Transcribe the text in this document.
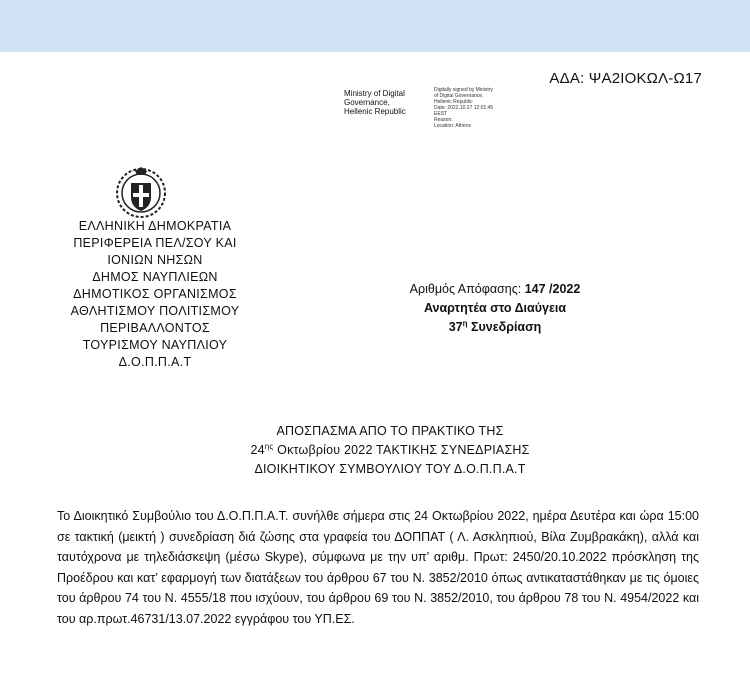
ΑΔΑ: ΨΑ2ΙΟΚΩΛ-Ω17
Ministry of Digital
Governance,
Hellenic Republic
Digitally signed by Ministry
of Digital Governance,
Hellenic Republic
Date: 2022.10.27 12:01:45
EEST
Reason:
Location: Athens
ΕΛΛΗΝΙΚΗ ΔΗΜΟΚΡΑΤΙΑ
ΠΕΡΙΦΕΡΕΙΑ ΠΕΛ/ΣΟΥ ΚΑΙ
ΙΟΝΙΩΝ ΝΗΣΩΝ
ΔΗΜΟΣ ΝΑΥΠΛΙΕΩΝ
ΔΗΜΟΤΙΚΟΣ ΟΡΓΑΝΙΣΜΟΣ
ΑΘΛΗΤΙΣΜΟΥ ΠΟΛΙΤΙΣΜΟΥ
ΠΕΡΙΒΑΛΛΟΝΤΟΣ
ΤΟΥΡΙΣΜΟΥ ΝΑΥΠΛΙΟΥ
Δ.Ο.Π.Π.Α.Τ
Αριθμός Απόφασης: 147 /2022
Αναρτητέα στο Διαύγεια
$37^\eta$ Συνεδρίαση
ΑΠΟΣΠΑΣΜΑ ΑΠΟ ΤΟ ΠΡΑΚΤΙΚΟ ΤΗΣ
$24^{\eta\varsigma}$ Οκτωβρίου 2022 ΤΑΚΤΙΚΗΣ ΣΥΝΕΔΡΙΑΣΗΣ
ΔΙΟΙΚΗΤΙΚΟΥ ΣΥΜΒΟΥΛΙΟΥ ΤΟΥ Δ.Ο.Π.Π.Α.Τ
Το Διοικητικό Συμβούλιο του Δ.Ο.Π.Π.Α.Τ. συνήλθε σήμερα στις 24 Οκτωβρίου 2022, ημέρα Δευτέρα και ώρα 15:00 σε τακτική (μεικτή ) συνεδρίαση διά ζώσης στα γραφεία του ΔΟΠΠΑΤ ( Λ. Ασκληπιού, Βίλα Ζυμβρακάκη), αλλά και ταυτόχρονα με τηλεδιάσκεψη (μέσω Skype), σύμφωνα με την υπ’ αριθμ. Πρωτ: 2450/20.10.2022 πρόσκληση της Προέδρου και κατ’ εφαρμογή των διατάξεων του άρθρου 67 του Ν. 3852/2010 όπως αντικαταστάθηκαν με τις όμοιες του άρθρου 74 του Ν. 4555/18 που ισχύουν, του άρθρου 69 του Ν. 3852/2010, του άρθρου 78 του Ν. 4954/2022 και του αρ.πρωτ.46731/13.07.2022 εγγράφου του ΥΠ.ΕΣ.
